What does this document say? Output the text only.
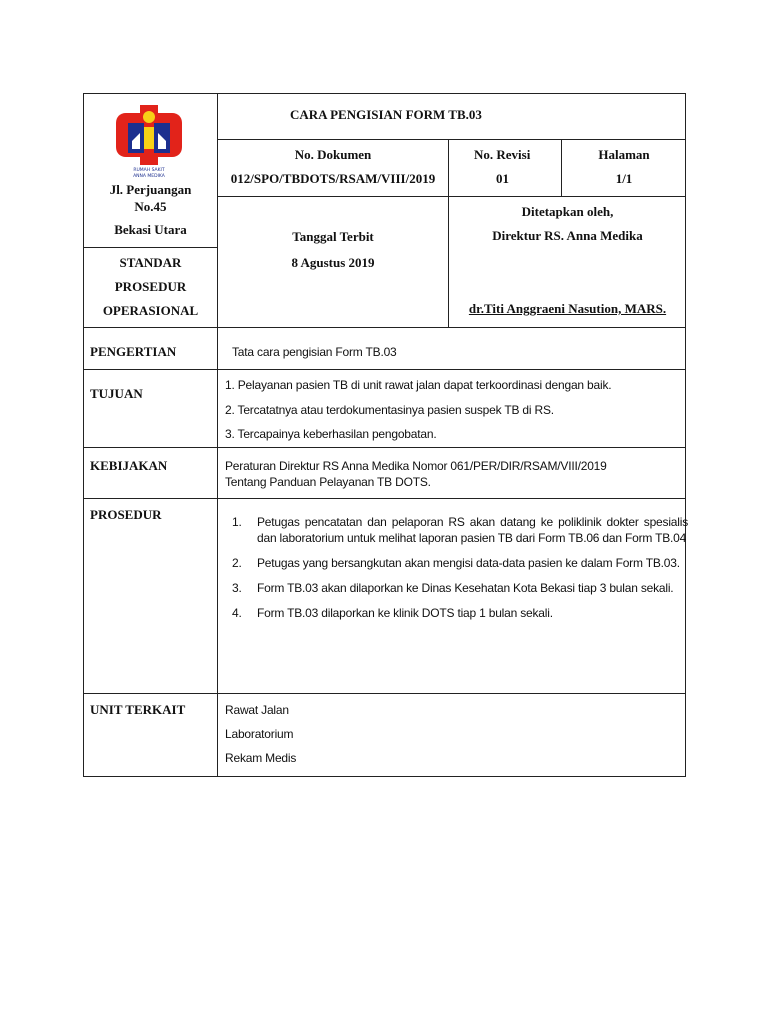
RUMAH SAKIT
ANNA MEDIKA
Jl. Perjuangan
No.45
Bekasi Utara
STANDAR
PROSEDUR
OPERASIONAL
CARA PENGISIAN FORM TB.03
No. Dokumen
012/SPO/TBDOTS/RSAM/VIII/2019
No. Revisi
01
Halaman
1/1
Tanggal Terbit
8 Agustus 2019
Ditetapkan oleh,
Direktur RS. Anna Medika
dr.Titi Anggraeni Nasution, MARS.
PENGERTIAN	Tata cara pengisian Form TB.03
TUJUAN
1. Pelayanan pasien TB di unit rawat jalan dapat terkoordinasi dengan baik.
2. Tercatatnya atau terdokumentasinya pasien suspek TB di RS.
3. Tercapainya keberhasilan pengobatan.
KEBIJAKAN	Peraturan Direktur RS Anna Medika Nomor 061/PER/DIR/RSAM/VIII/2019
Tentang Panduan Pelayanan TB DOTS.
PROSEDUR	1.	Petugas pencatatan dan pelaporan RS akan datang ke poliklinik dokter spesialis dan laboratorium untuk melihat laporan pasien TB dari Form TB.06 dan Form TB.04
2.	Petugas yang bersangkutan akan mengisi data-data pasien ke dalam Form TB.03.
3.	Form TB.03 akan dilaporkan ke Dinas Kesehatan Kota Bekasi tiap 3 bulan sekali.
4.	Form TB.03 dilaporkan ke klinik DOTS tiap 1 bulan sekali.
UNIT TERKAIT	Rawat Jalan
Laboratorium
Rekam Medis
